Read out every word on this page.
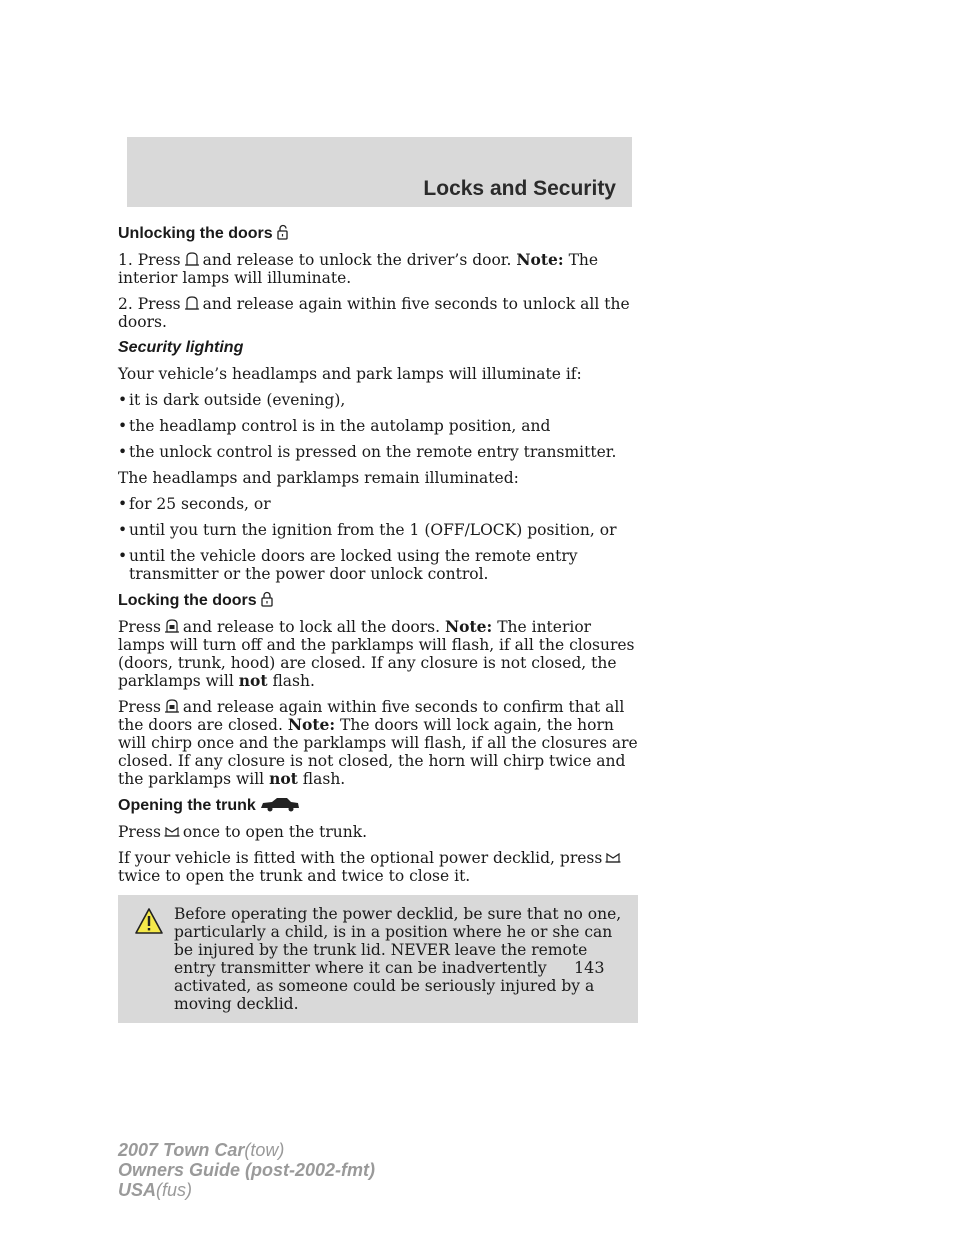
Locks and Security
Unlocking the doors

1. Press and release to unlock the driver’s door. Note: The interior lamps will illuminate.

2. Press and release again within five seconds to unlock all the doors.

Security lighting

Your vehicle’s headlamps and park lamps will illuminate if:

• it is dark outside (evening),
• the headlamp control is in the autolamp position, and
• the unlock control is pressed on the remote entry transmitter.

The headlamps and parklamps remain illuminated:

• for 25 seconds, or
• until you turn the ignition from the 1 (OFF/LOCK) position, or
• until the vehicle doors are locked using the remote entry transmitter or the power door unlock control.
Locking the doors

Press and release to lock all the doors. Note: The interior lamps will turn off and the parklamps will flash, if all the closures (doors, trunk, hood) are closed. If any closure is not closed, the parklamps will not flash.

Press and release again within five seconds to confirm that all the doors are closed. Note: The doors will lock again, the horn will chirp once and the parklamps will flash, if all the closures are closed. If any closure is not closed, the horn will chirp twice and the parklamps will not flash.

Opening the trunk

Press once to open the trunk.

If your vehicle is fitted with the optional power decklid, presstwice to open the trunk and twice to close it.

Before operating the power decklid, be sure that no one, particularly a child, is in a position where he or she can be injured by the trunk lid. NEVER leave the remote entry transmitter where it can be inadvertently activated, as someone could be seriously injured by a moving decklid.
143
2007 Town Car(tow)
Owners Guide (post-2002-fmt)
USA(fus)
